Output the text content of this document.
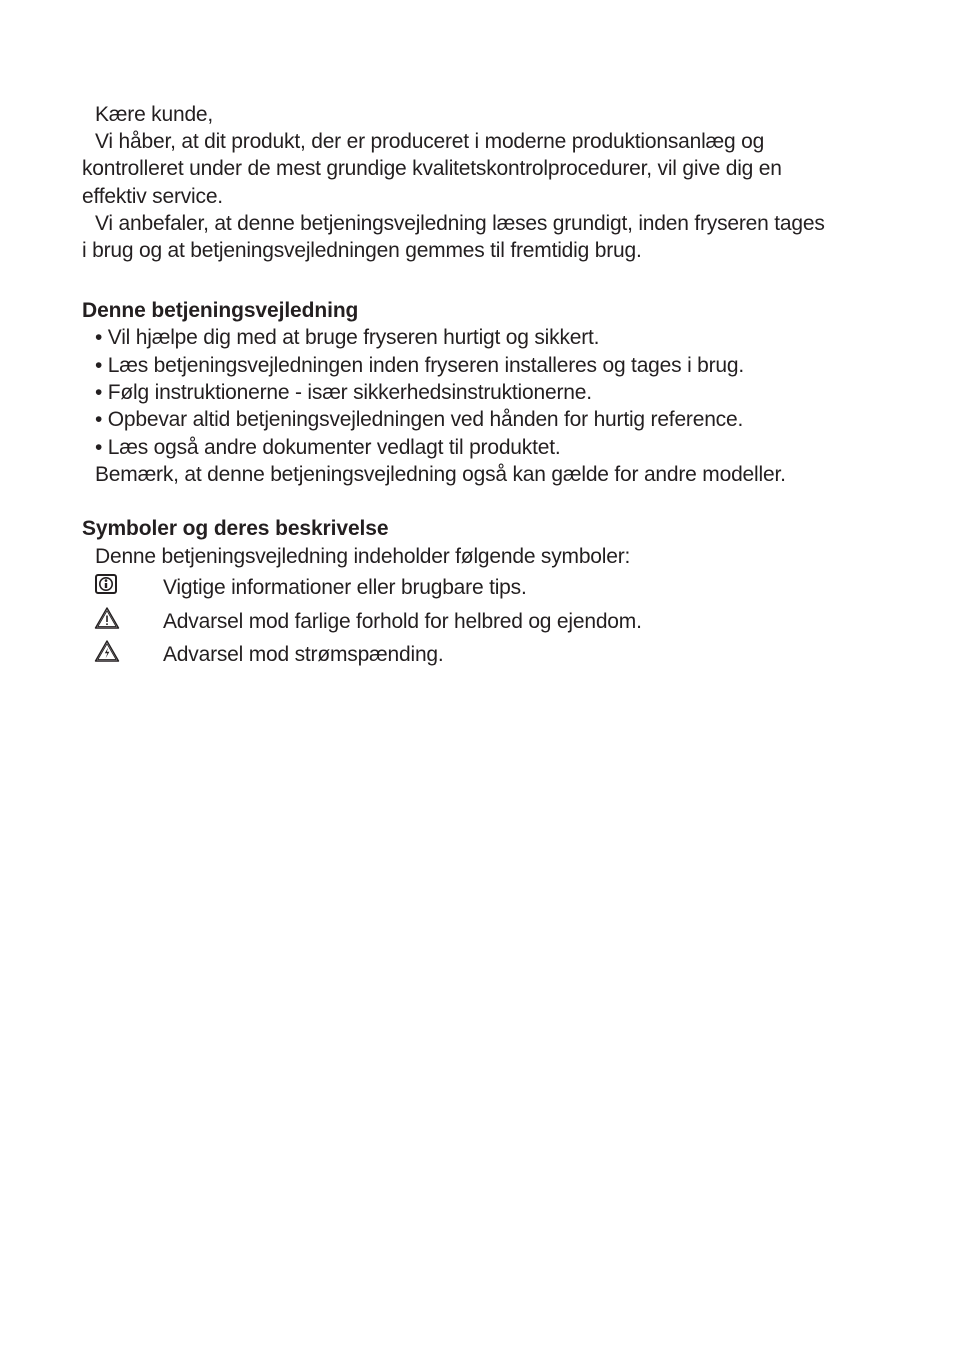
Kære kunde,
Vi håber, at dit produkt, der er produceret i moderne produktionsanlæg og
kontrolleret under de mest grundige kvalitetskontrolprocedurer, vil give dig en
effektiv service.
Vi anbefaler, at denne betjeningsvejledning læses grundigt, inden fryseren tages
i brug og at betjeningsvejledningen gemmes til fremtidig brug.
Denne betjeningsvejledning
• Vil hjælpe dig med at bruge fryseren hurtigt og sikkert.
• Læs betjeningsvejledningen inden fryseren installeres og tages i brug.
• Følg instruktionerne - især sikkerhedsinstruktionerne.
• Opbevar altid betjeningsvejledningen ved hånden for hurtig reference.
• Læs også andre dokumenter vedlagt til produktet.
Bemærk, at denne betjeningsvejledning også kan gælde for andre modeller.
Symboler og deres beskrivelse
Denne betjeningsvejledning indeholder følgende symboler:
Vigtige informationer eller brugbare tips.
Advarsel mod farlige forhold for helbred og ejendom.
Advarsel mod strømspænding.
